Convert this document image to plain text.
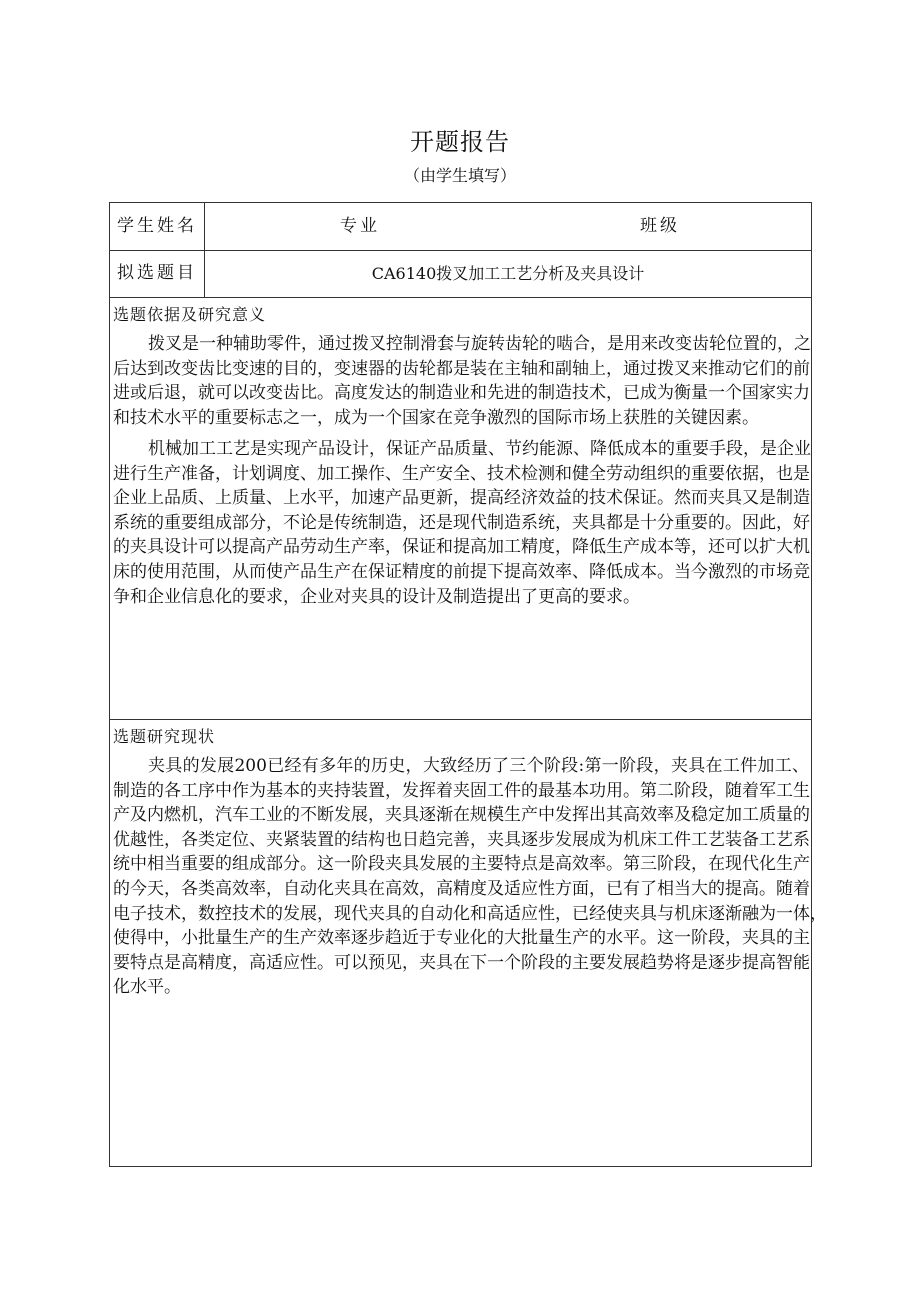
开题报告
（由学生填写）
学生姓名	专业	班级
拟选题目	CA6140拨叉加工工艺分析及夹具设计
选题依据及研究意义
拨叉是一种辅助零件，通过拨叉控制滑套与旋转齿轮的啮合，是用来改变齿轮位置的，之
后达到改变齿比变速的目的，变速器的齿轮都是装在主轴和副轴上，通过拨叉来推动它们的前
进或后退，就可以改变齿比。高度发达的制造业和先进的制造技术，已成为衡量一个国家实力
和技术水平的重要标志之一，成为一个国家在竞争激烈的国际市场上获胜的关键因素。
机械加工工艺是实现产品设计，保证产品质量、节约能源、降低成本的重要手段，是企业
进行生产准备，计划调度、加工操作、生产安全、技术检测和健全劳动组织的重要依据，也是
企业上品质、上质量、上水平，加速产品更新，提高经济效益的技术保证。然而夹具又是制造
系统的重要组成部分，不论是传统制造，还是现代制造系统，夹具都是十分重要的。因此，好
的夹具设计可以提高产品劳动生产率，保证和提高加工精度，降低生产成本等，还可以扩大机
床的使用范围，从而使产品生产在保证精度的前提下提高效率、降低成本。当今激烈的市场竞
争和企业信息化的要求，企业对夹具的设计及制造提出了更高的要求。
选题研究现状
夹具的发展200已经有多年的历史，大致经历了三个阶段:第一阶段，夹具在工件加工、
制造的各工序中作为基本的夹持装置，发挥着夹固工件的最基本功用。第二阶段，随着军工生
产及内燃机，汽车工业的不断发展，夹具逐渐在规模生产中发挥出其高效率及稳定加工质量的
优越性，各类定位、夹紧装置的结构也日趋完善，夹具逐步发展成为机床工件工艺装备工艺系
统中相当重要的组成部分。这一阶段夹具发展的主要特点是高效率。第三阶段，在现代化生产
的今天，各类高效率，自动化夹具在高效，高精度及适应性方面，已有了相当大的提高。随着
电子技术，数控技术的发展，现代夹具的自动化和高适应性，已经使夹具与机床逐渐融为一体，
使得中，小批量生产的生产效率逐步趋近于专业化的大批量生产的水平。这一阶段，夹具的主
要特点是高精度，高适应性。可以预见，夹具在下一个阶段的主要发展趋势将是逐步提高智能
化水平。
